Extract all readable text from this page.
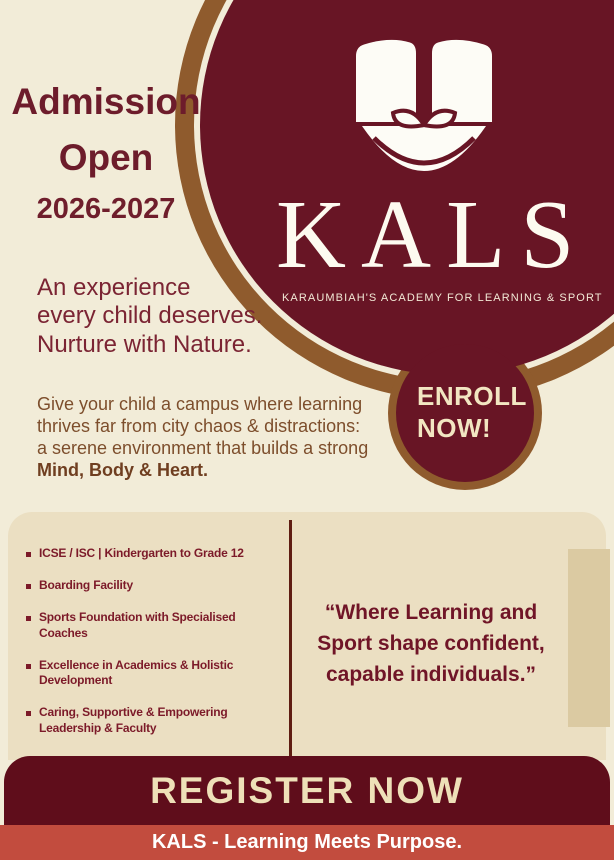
Admission
Open
2026-2027 KALS
KARAUMBIAH'S ACADEMY FOR LEARNING & SPORT
An experience
every child deserves.
Nurture with Nature.
Give your child a campus where learning
thrives far from city chaos & distractions:
a serene environment that builds a strong
Mind, Body & Heart.
ENROLL
NOW!
ICSE / ISC | Kindergarten to Grade 12
Boarding Facility
Sports Foundation with Specialised Coaches
Excellence in Academics & Holistic Development
Caring, Supportive & Empowering Leadership & Faculty
“Where Learning and Sport shape confident, capable individuals.”
REGISTER NOW
KALS - Learning Meets Purpose.
